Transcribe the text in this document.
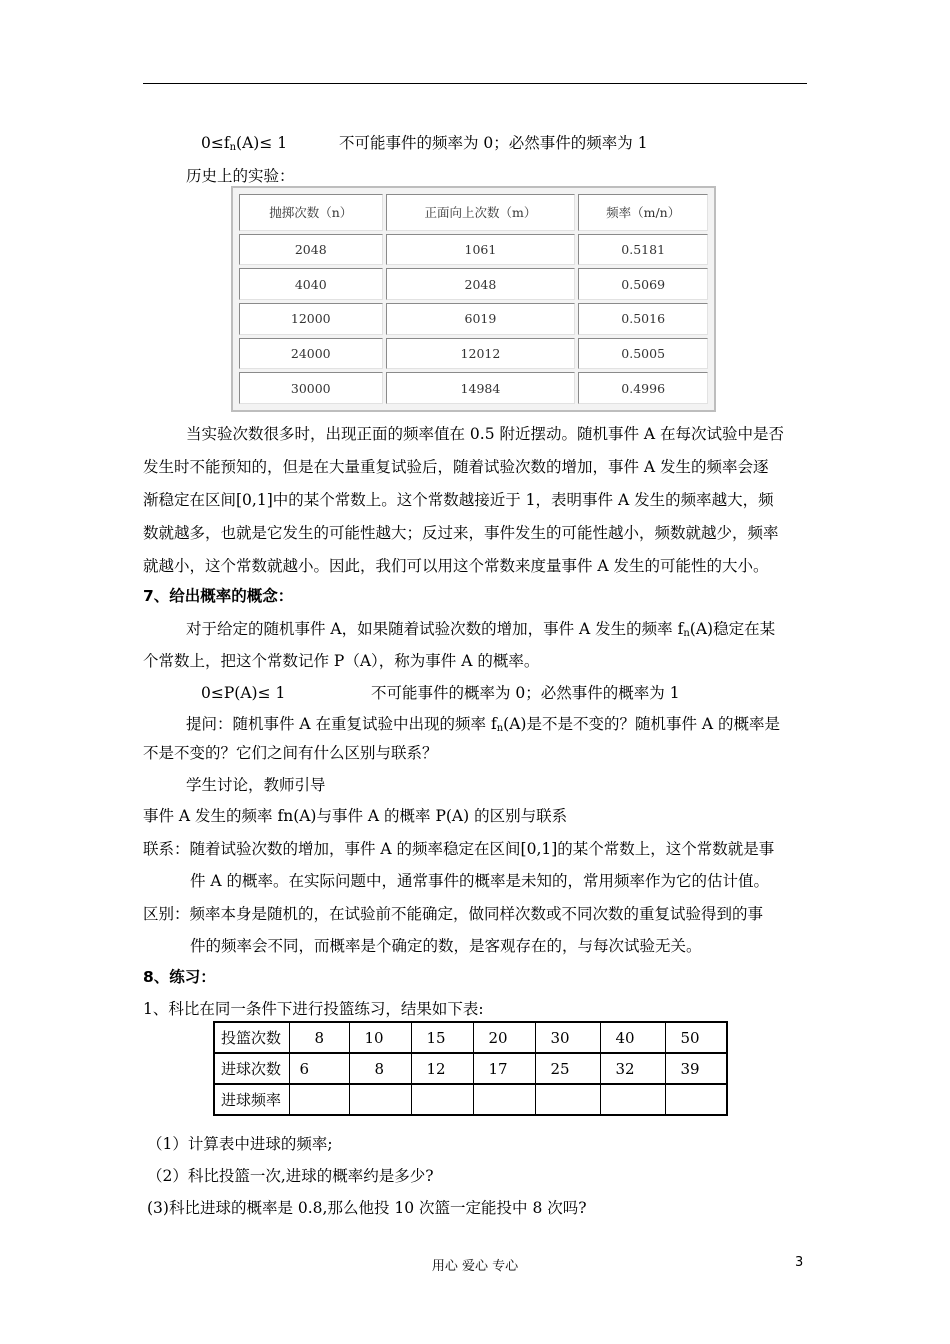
$0\le f_n(A)\le 1$	不可能事件的频率为 0；必然事件的频率为 1
历史上的实验：
抛掷次数（n）	正面向上次数（m）	频率（m/n）
2048	1061	0.5181
4040	2048	0.5069
12000	6019	0.5016
24000	12012	0.5005
30000	14984	0.4996
当实验次数很多时，出现正面的频率值在 0.5 附近摆动。随机事件 A 在每次试验中是否
发生时不能预知的，但是在大量重复试验后，随着试验次数的增加，事件 A 发生的频率会逐
渐稳定在区间[0,1]中的某个常数上。这个常数越接近于 1，表明事件 A 发生的频率越大，频
数就越多，也就是它发生的可能性越大；反过来，事件发生的可能性越小，频数就越少，频率
就越小，这个常数就越小。因此，我们可以用这个常数来度量事件 A 发生的可能性的大小。
7、给出概率的概念：
对于给定的随机事件 A，如果随着试验次数的增加，事件 A 发生的频率 $f_n(A)$稳定在某
个常数上，把这个常数记作 P（A），称为事件 A 的概率。
0≤P(A)≤ 1	不可能事件的概率为 0；必然事件的概率为 1
提问：随机事件 A 在重复试验中出现的频率 $f_n(A)$是不是不变的？随机事件 A 的概率是
不是不变的？它们之间有什么区别与联系？
学生讨论，教师引导
事件 A 发生的频率 fn(A)与事件 A 的概率 P(A) 的区别与联系
联系：随着试验次数的增加，事件 A 的频率稳定在区间[0,1]的某个常数上，这个常数就是事
件 A 的概率。在实际问题中，通常事件的概率是未知的，常用频率作为它的估计值。
区别：频率本身是随机的，在试验前不能确定，做同样次数或不同次数的重复试验得到的事
件的频率会不同，而概率是个确定的数，是客观存在的，与每次试验无关。
8、练习：
1、科比在同一条件下进行投篮练习，结果如下表:
投篮次数	8	10	15	20	30	40	50
进球次数	6	8	12	17	25	32	39
进球频率							
（1）计算表中进球的频率;
（2）科比投篮一次,进球的概率约是多少?
(3)科比进球的概率是 0.8,那么他投 10 次篮一定能投中 8 次吗?
用心 爱心 专心	3
